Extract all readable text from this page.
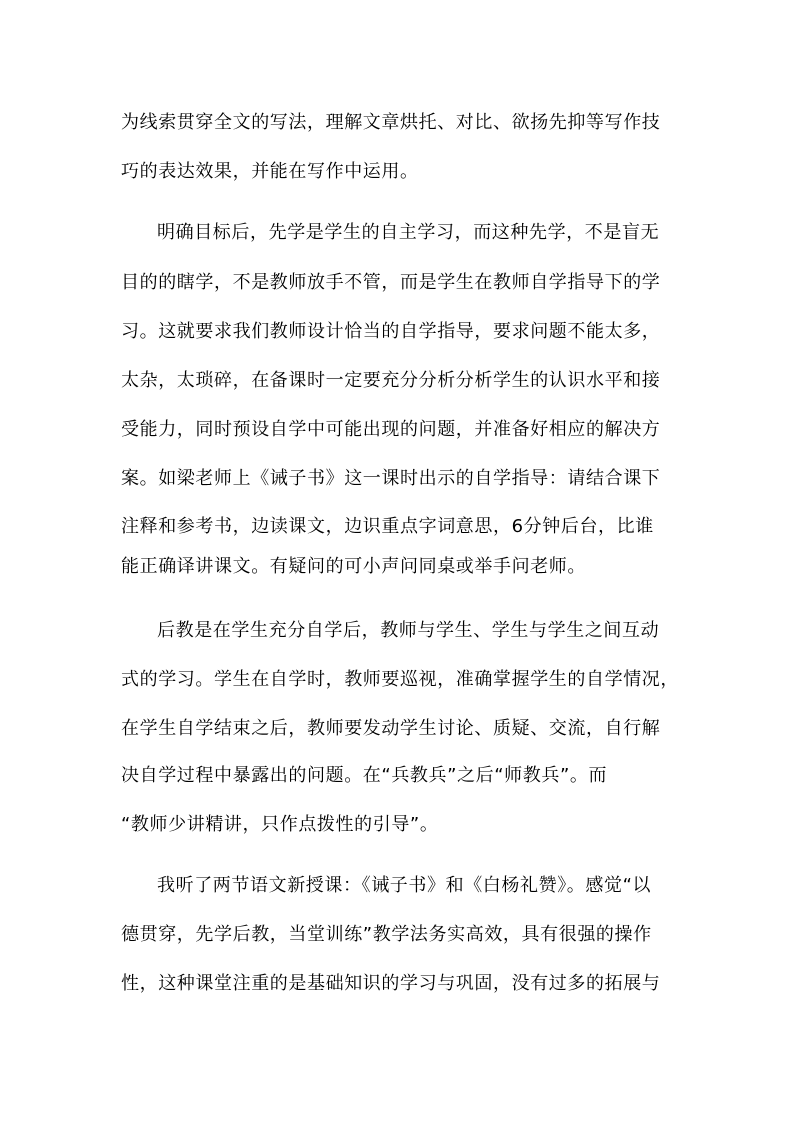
为线索贯穿全文的写法，理解文章烘托、对比、欲扬先抑等写作技
巧的表达效果，并能在写作中运用。
明确目标后，先学是学生的自主学习，而这种先学，不是盲无
目的的瞎学，不是教师放手不管，而是学生在教师自学指导下的学
习。这就要求我们教师设计恰当的自学指导，要求问题不能太多，
太杂，太琐碎，在备课时一定要充分分析分析学生的认识水平和接
受能力，同时预设自学中可能出现的问题，并准备好相应的解决方
案。如梁老师上《诫子书》这一课时出示的自学指导：请结合课下
注释和参考书，边读课文，边识重点字词意思，6分钟后台，比谁
能正确译讲课文。有疑问的可小声问同桌或举手问老师。
后教是在学生充分自学后，教师与学生、学生与学生之间互动
式的学习。学生在自学时，教师要巡视，准确掌握学生的自学情况，
在学生自学结束之后，教师要发动学生讨论、质疑、交流，自行解
决自学过程中暴露出的问题。在“兵教兵”之后“师教兵”。而
“教师少讲精讲，只作点拨性的引导”。
我听了两节语文新授课：《诫子书》和《白杨礼赞》。感觉“以
德贯穿，先学后教，当堂训练”教学法务实高效，具有很强的操作
性，这种课堂注重的是基础知识的学习与巩固，没有过多的拓展与
